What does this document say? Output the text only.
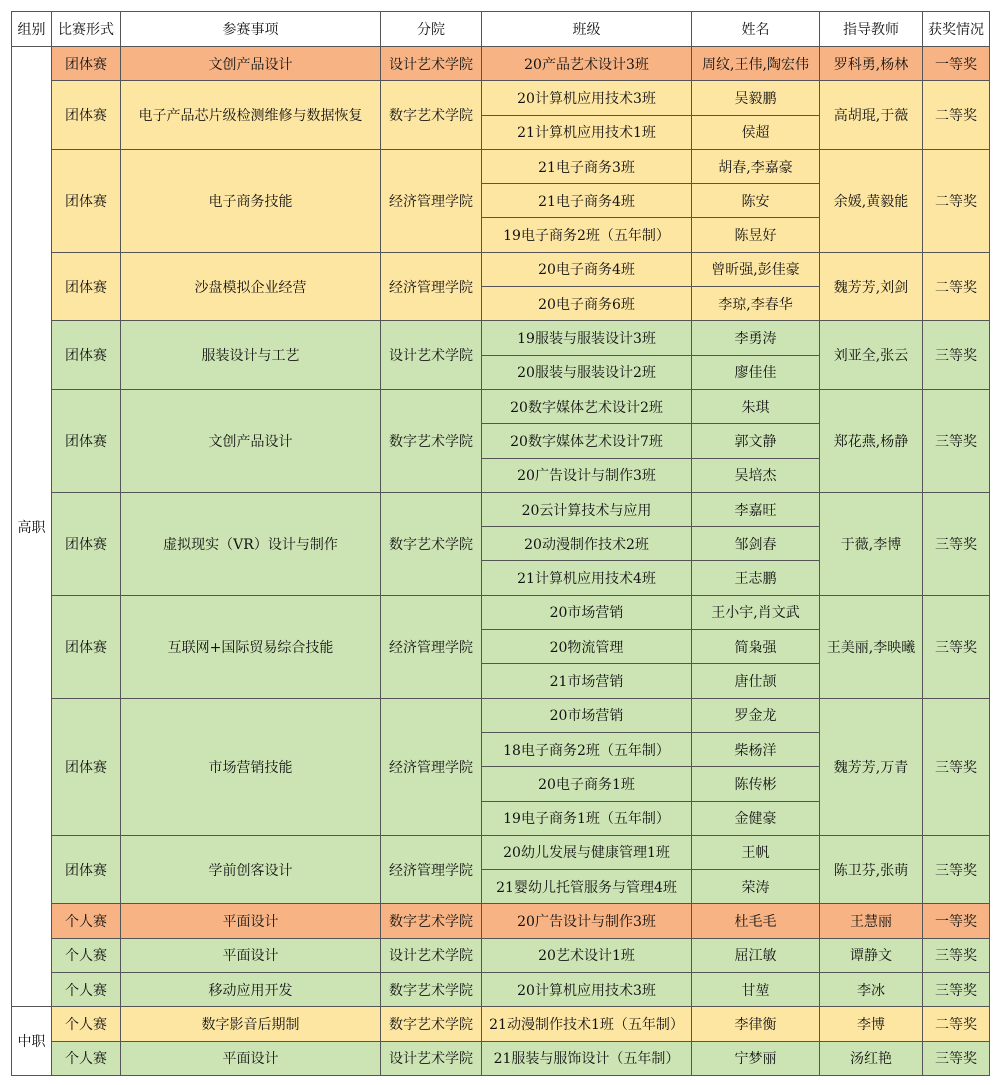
组别	比赛形式	参赛事项	分院	班级	姓名	指导教师	获奖情况
高职	团体赛	文创产品设计	设计艺术学院	20产品艺术设计3班	周纹,王伟,陶宏伟	罗科勇,杨林	一等奖
	团体赛	电子产品芯片级检测维修与数据恢复	数字艺术学院	20计算机应用技术3班	吴毅鹏	高胡琨,于薇	二等奖
				21计算机应用技术1班	侯超		
	团体赛	电子商务技能	经济管理学院	21电子商务3班	胡春,李嘉豪	余媛,黄毅能	二等奖
				21电子商务4班	陈安		
				19电子商务2班（五年制）	陈昱好		
	团体赛	沙盘模拟企业经营	经济管理学院	20电子商务4班	曾昕强,彭佳豪	魏芳芳,刘剑	二等奖
				20电子商务6班	李琼,李春华		
	团体赛	服装设计与工艺	设计艺术学院	19服装与服装设计3班	李勇涛	刘亚全,张云	三等奖
				20服装与服装设计2班	廖佳佳		
	团体赛	文创产品设计	数字艺术学院	20数字媒体艺术设计2班	朱琪	郑花燕,杨静	三等奖
				20数字媒体艺术设计7班	郭文静		
				20广告设计与制作3班	吴培杰		
	团体赛	虚拟现实（VR）设计与制作	数字艺术学院	20云计算技术与应用	李嘉旺	于薇,李博	三等奖
				20动漫制作技术2班	邹剑春		
				21计算机应用技术4班	王志鹏		
	团体赛	互联网+国际贸易综合技能	经济管理学院	20市场营销	王小宇,肖文武	王美丽,李映曦	三等奖
				20物流管理	简枭强		
				21市场营销	唐仕颉		
	团体赛	市场营销技能	经济管理学院	20市场营销	罗金龙	魏芳芳,万青	三等奖
				18电子商务2班（五年制）	柴杨洋		
				20电子商务1班	陈传彬		
				19电子商务1班（五年制）	金健豪		
	团体赛	学前创客设计	经济管理学院	20幼儿发展与健康管理1班	王帆	陈卫芬,张萌	三等奖
				21婴幼儿托管服务与管理4班	荣涛		
	个人赛	平面设计	数字艺术学院	20广告设计与制作3班	杜毛毛	王慧丽	一等奖
	个人赛	平面设计	设计艺术学院	20艺术设计1班	屈江敏	谭静文	三等奖
	个人赛	移动应用开发	数字艺术学院	20计算机应用技术3班	甘堃	李冰	三等奖
中职	个人赛	数字影音后期制	数字艺术学院	21动漫制作技术1班（五年制）	李律衡	李博	二等奖
	个人赛	平面设计	设计艺术学院	21服装与服饰设计（五年制）	宁梦丽	汤红艳	三等奖
